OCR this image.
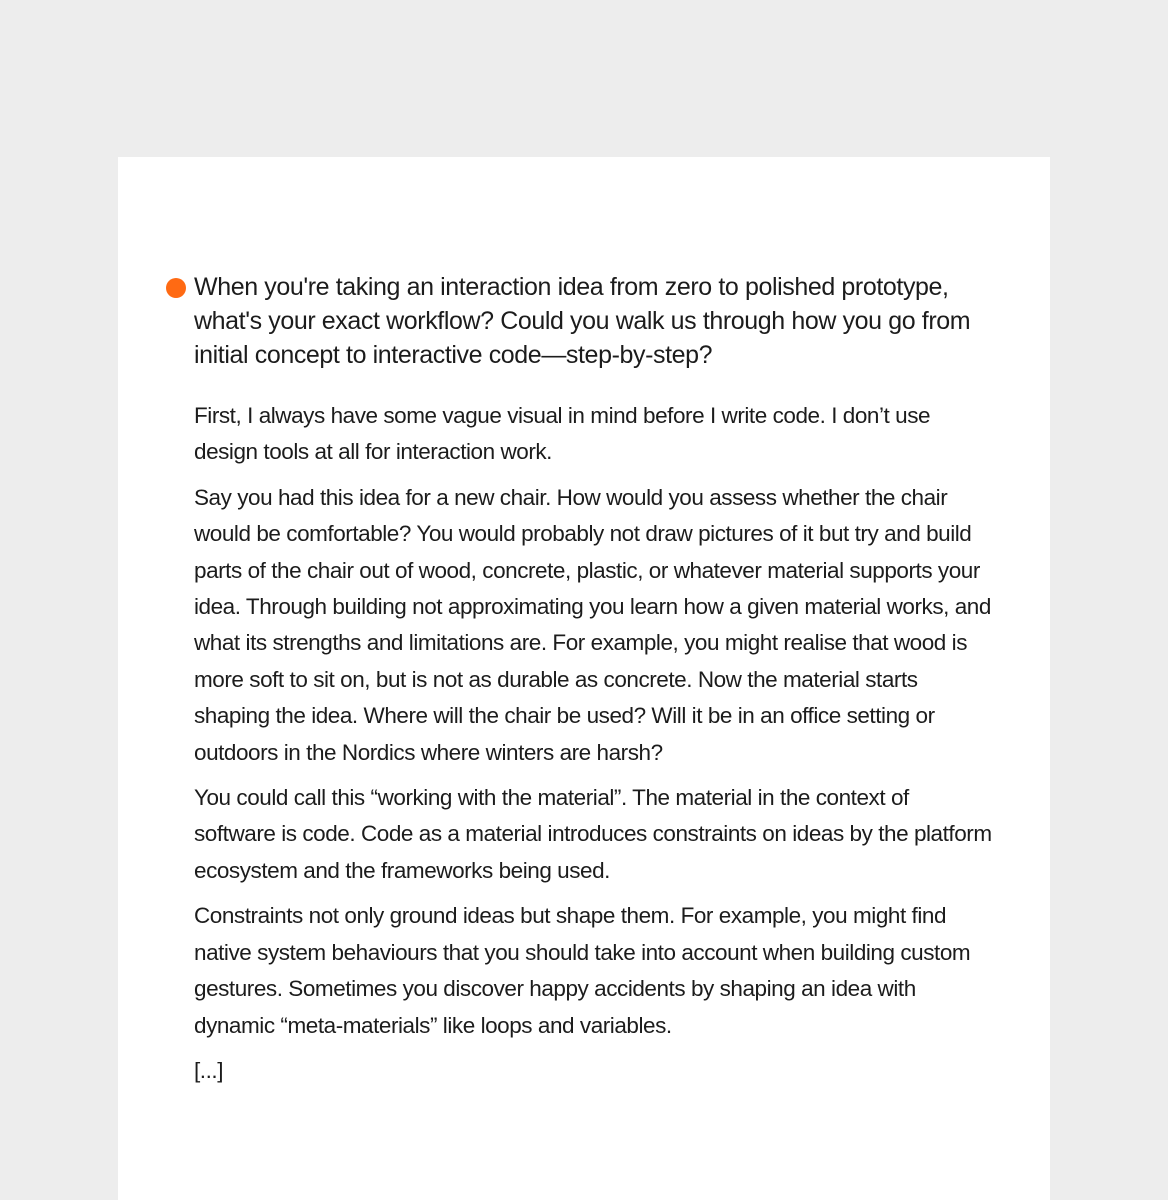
When you're taking an interaction idea from zero to polished prototype, what's your exact workflow? Could you walk us through how you go from initial concept to interactive code—step-by-step?

First, I always have some vague visual in mind before I write code. I don’t use design tools at all for interaction work.

Say you had this idea for a new chair. How would you assess whether the chair would be comfortable? You would probably not draw pictures of it but try and build parts of the chair out of wood, concrete, plastic, or whatever material supports your idea. Through building not approximating you learn how a given material works, and what its strengths and limitations are. For example, you might realise that wood is more soft to sit on, but is not as durable as concrete. Now the material starts shaping the idea. Where will the chair be used? Will it be in an office setting or outdoors in the Nordics where winters are harsh?

You could call this “working with the material”. The material in the context of software is code. Code as a material introduces constraints on ideas by the platform ecosystem and the frameworks being used.

Constraints not only ground ideas but shape them. For example, you might find native system behaviours that you should take into account when building custom gestures. Sometimes you discover happy accidents by shaping an idea with dynamic “meta-materials” like loops and variables.

[...]
